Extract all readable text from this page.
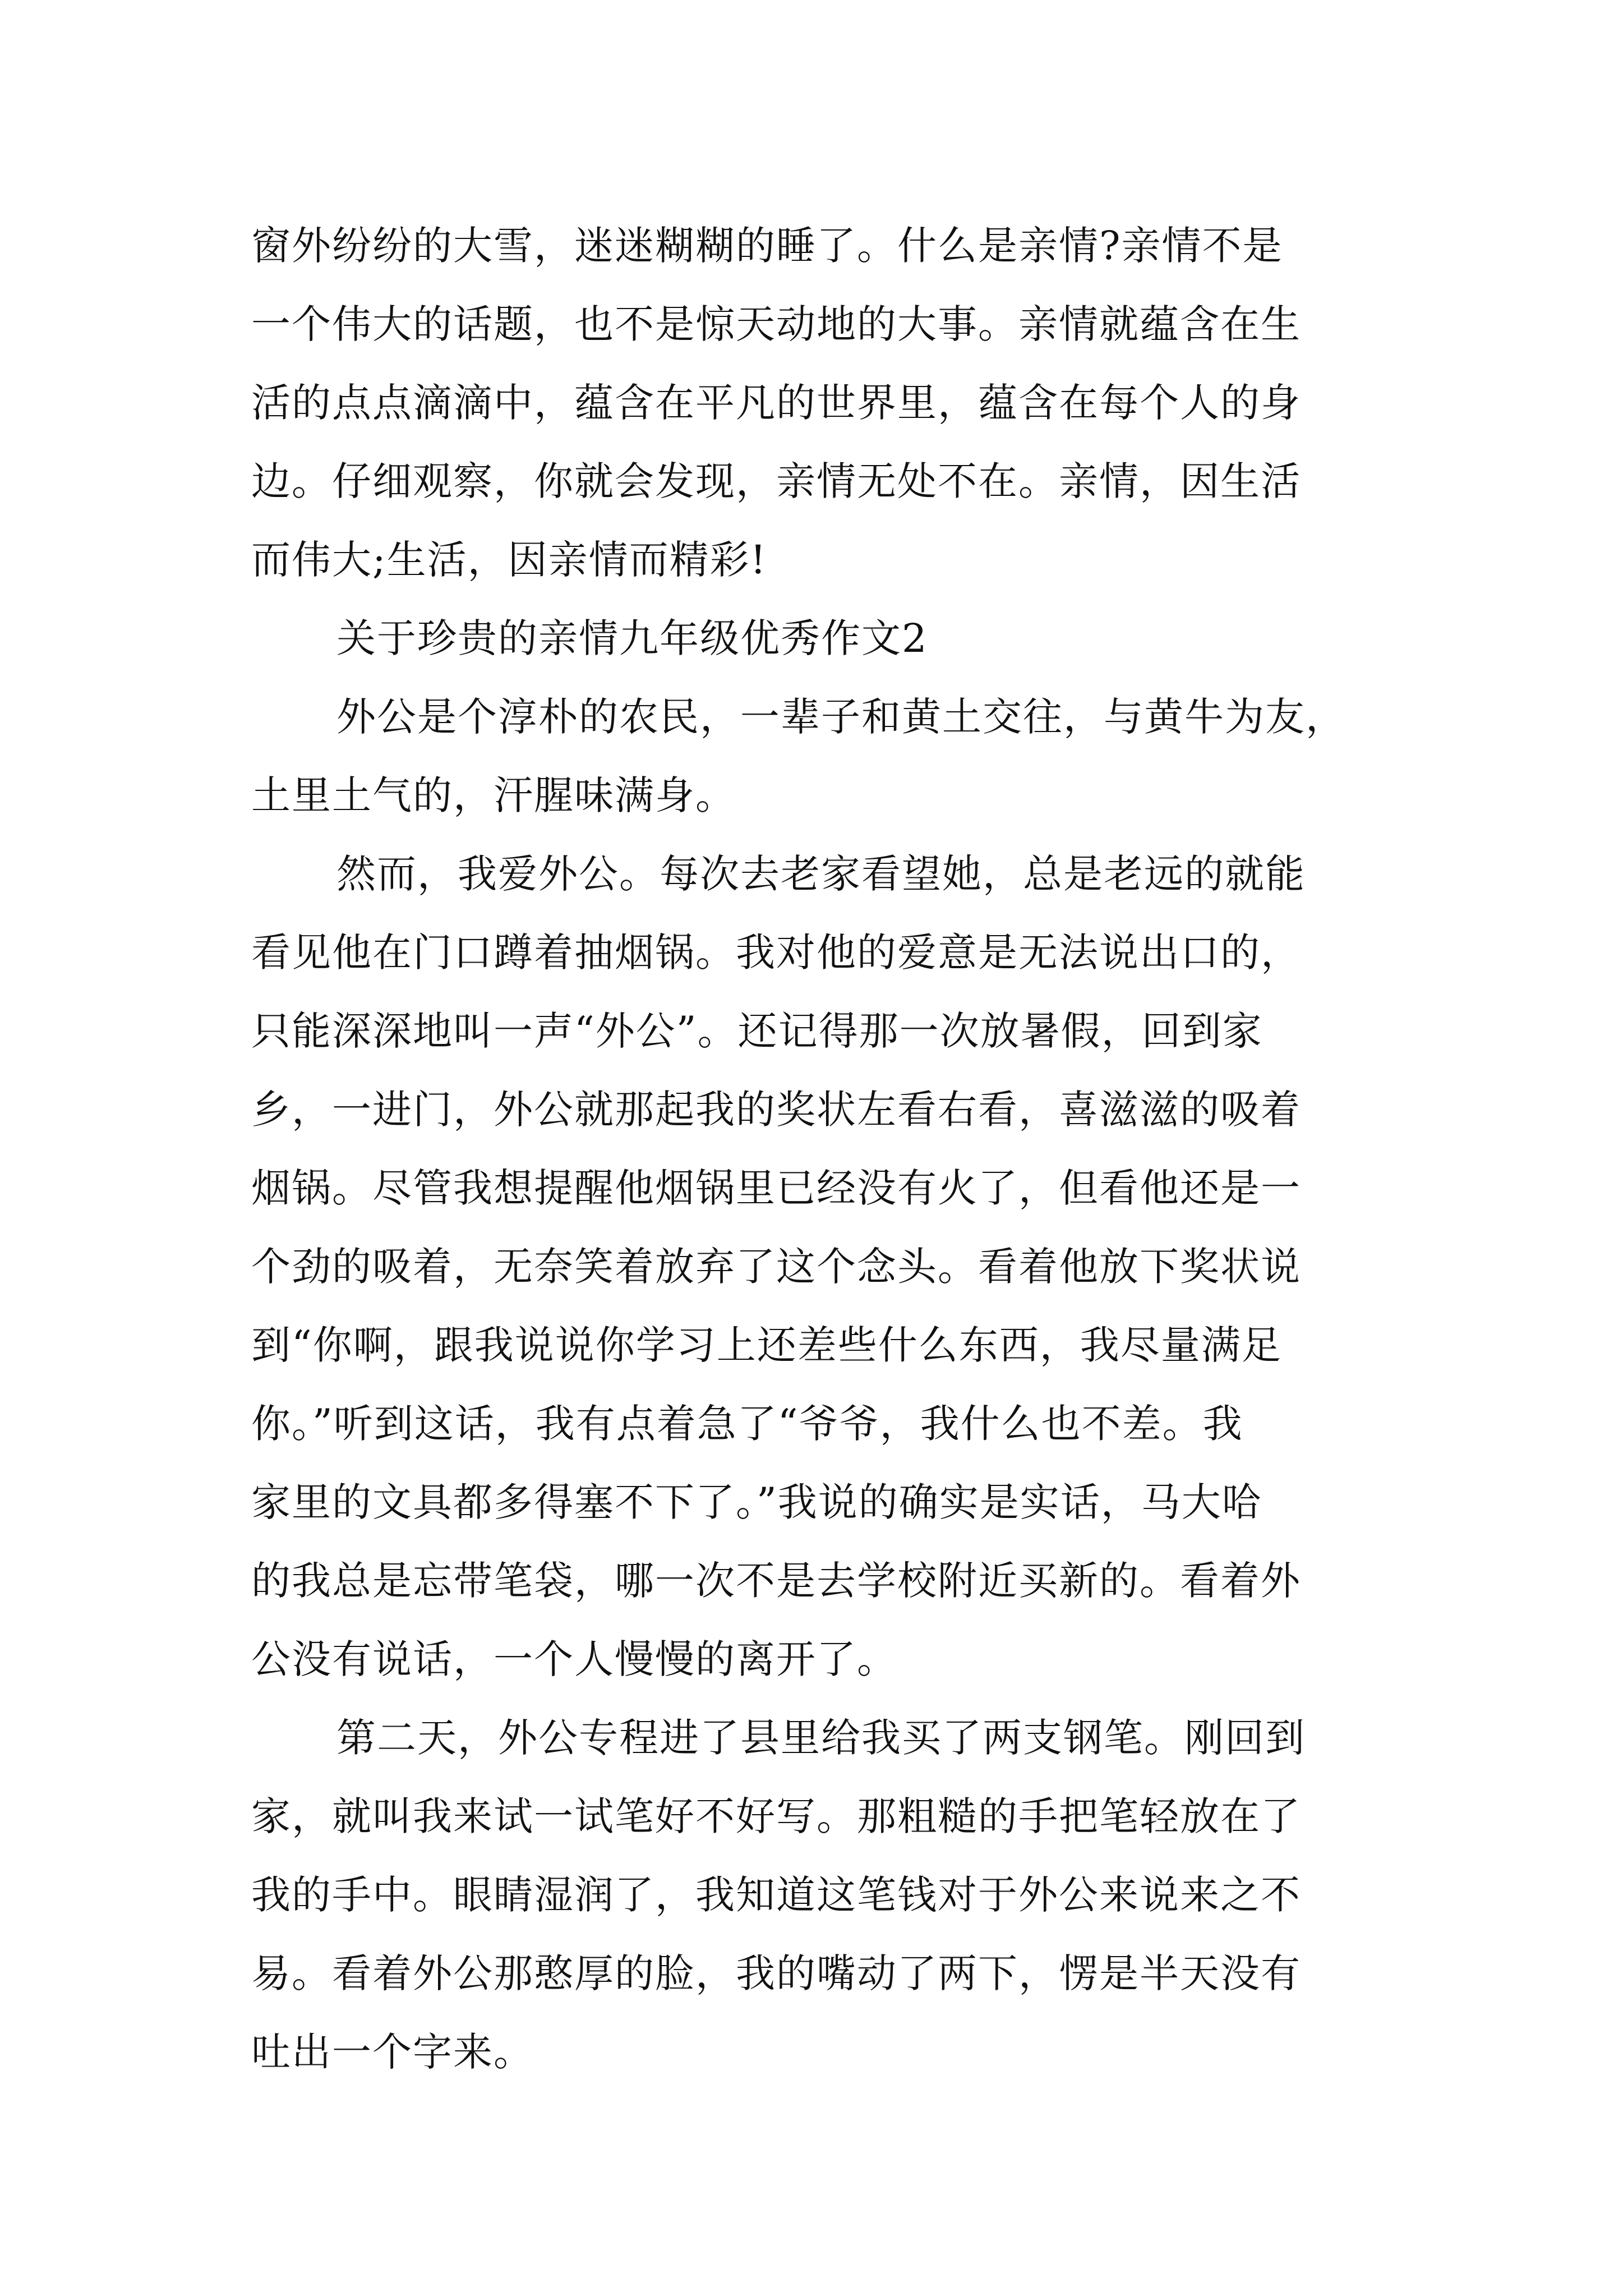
窗外纷纷的大雪，迷迷糊糊的睡了。什么是亲情?亲情不是
一个伟大的话题，也不是惊天动地的大事。亲情就蕴含在生
活的点点滴滴中，蕴含在平凡的世界里，蕴含在每个人的身
边。仔细观察，你就会发现，亲情无处不在。亲情，因生活
而伟大;生活，因亲情而精彩!
关于珍贵的亲情九年级优秀作文2
外公是个淳朴的农民，一辈子和黄土交往，与黄牛为友，
土里土气的，汗腥味满身。
然而，我爱外公。每次去老家看望她，总是老远的就能
看见他在门口蹲着抽烟锅。我对他的爱意是无法说出口的，
只能深深地叫一声“外公”。还记得那一次放暑假，回到家
乡，一进门，外公就那起我的奖状左看右看，喜滋滋的吸着
烟锅。尽管我想提醒他烟锅里已经没有火了，但看他还是一
个劲的吸着，无奈笑着放弃了这个念头。看着他放下奖状说
到“你啊，跟我说说你学习上还差些什么东西，我尽量满足
你。”听到这话，我有点着急了“爷爷，我什么也不差。我
家里的文具都多得塞不下了。”我说的确实是实话，马大哈
的我总是忘带笔袋，哪一次不是去学校附近买新的。看着外
公没有说话，一个人慢慢的离开了。
第二天，外公专程进了县里给我买了两支钢笔。刚回到
家，就叫我来试一试笔好不好写。那粗糙的手把笔轻放在了
我的手中。眼睛湿润了，我知道这笔钱对于外公来说来之不
易。看着外公那憨厚的脸，我的嘴动了两下，愣是半天没有
吐出一个字来。
